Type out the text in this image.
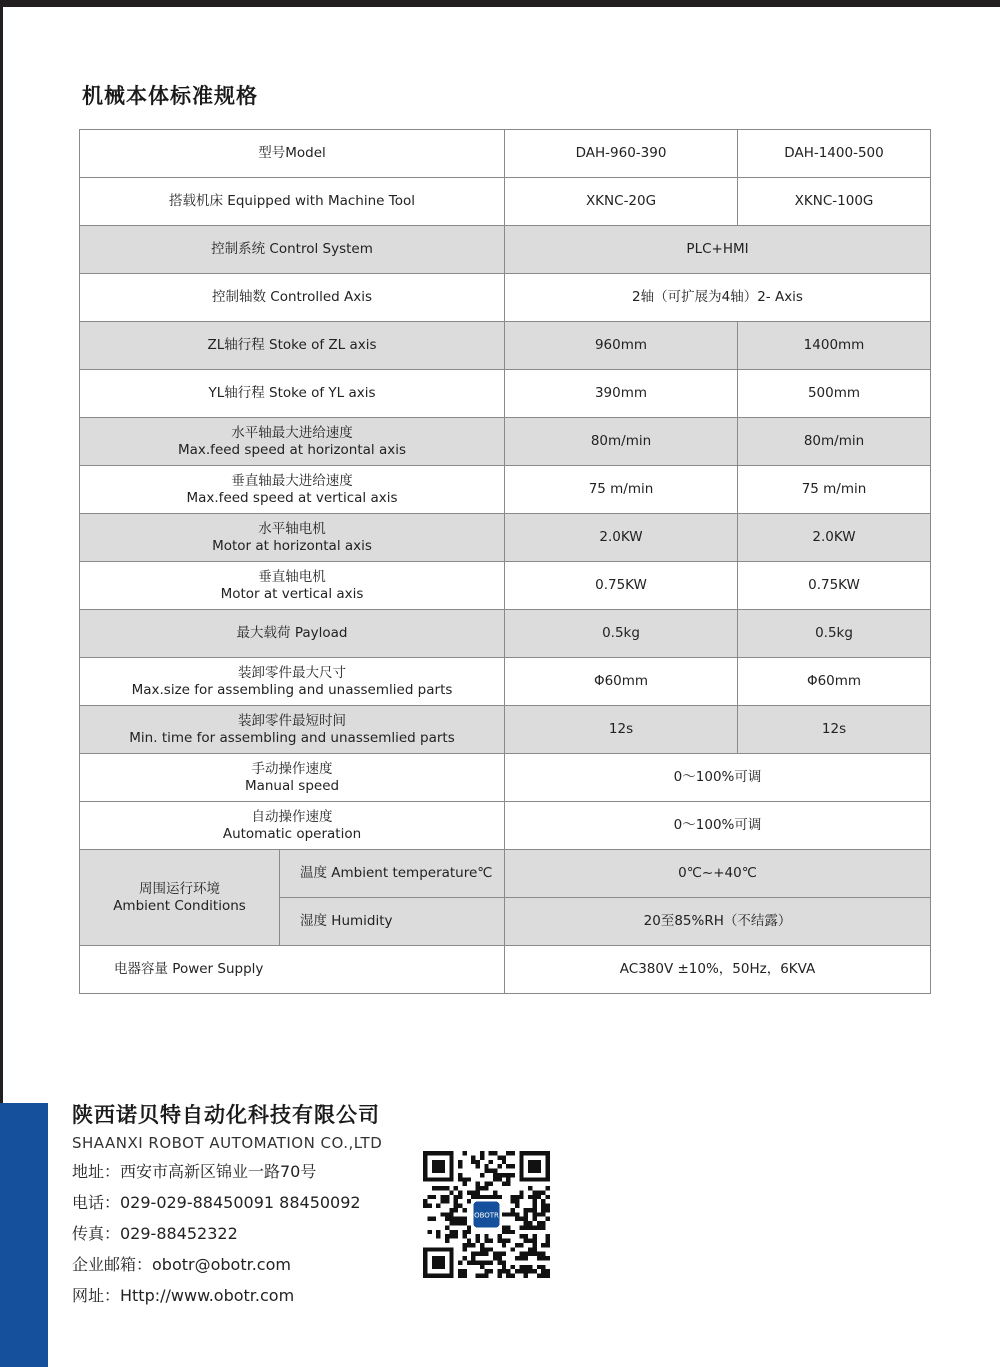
机械本体标准规格
型号Model		DAH-960-390	DAH-1400-500

搭载机床 Equipped with Machine Tool		XKNC-20G	XKNC-100G

控制系统 Control System		PLC+HMI	

控制轴数 Controlled Axis		2轴（可扩展为4轴）2- Axis	

ZL轴行程 Stoke of ZL axis		960mm	1400mm

YL轴行程 Stoke of YL axis		390mm	500mm

水平轴最大进给速度
Max.feed speed at horizontal axis		80m/min	80m/min

垂直轴最大进给速度
Max.feed speed at vertical axis		75 m/min	75 m/min

水平轴电机
Motor at horizontal axis		2.0KW	2.0KW

垂直轴电机
Motor at vertical axis		0.75KW	0.75KW

最大载荷 Payload		0.5kg	0.5kg

装卸零件最大尺寸
Max.size for assembling and unassemlied parts		Φ60mm	Φ60mm

装卸零件最短时间
Min. time for assembling and unassemlied parts		12s	12s

手动操作速度
Manual speed		0～100%可调	

自动操作速度
Automatic operation		0～100%可调	

周围运行环境
Ambient Conditions	温度 Ambient temperature℃	0℃~+40℃	
	湿度 Humidity	20至85%RH（不结露）	
电器容量 Power Supply		AC380V ±10%，50Hz，6KVA	
陕西诺贝特自动化科技有限公司
SHAANXI ROBOT AUTOMATION CO.,LTD
地址：西安市高新区锦业一路70号
电话：029-029-88450091 88450092
传真：029-88452322
企业邮箱：obotr@obotr.com
网址：Http://www.obotr.com
OBOTR
